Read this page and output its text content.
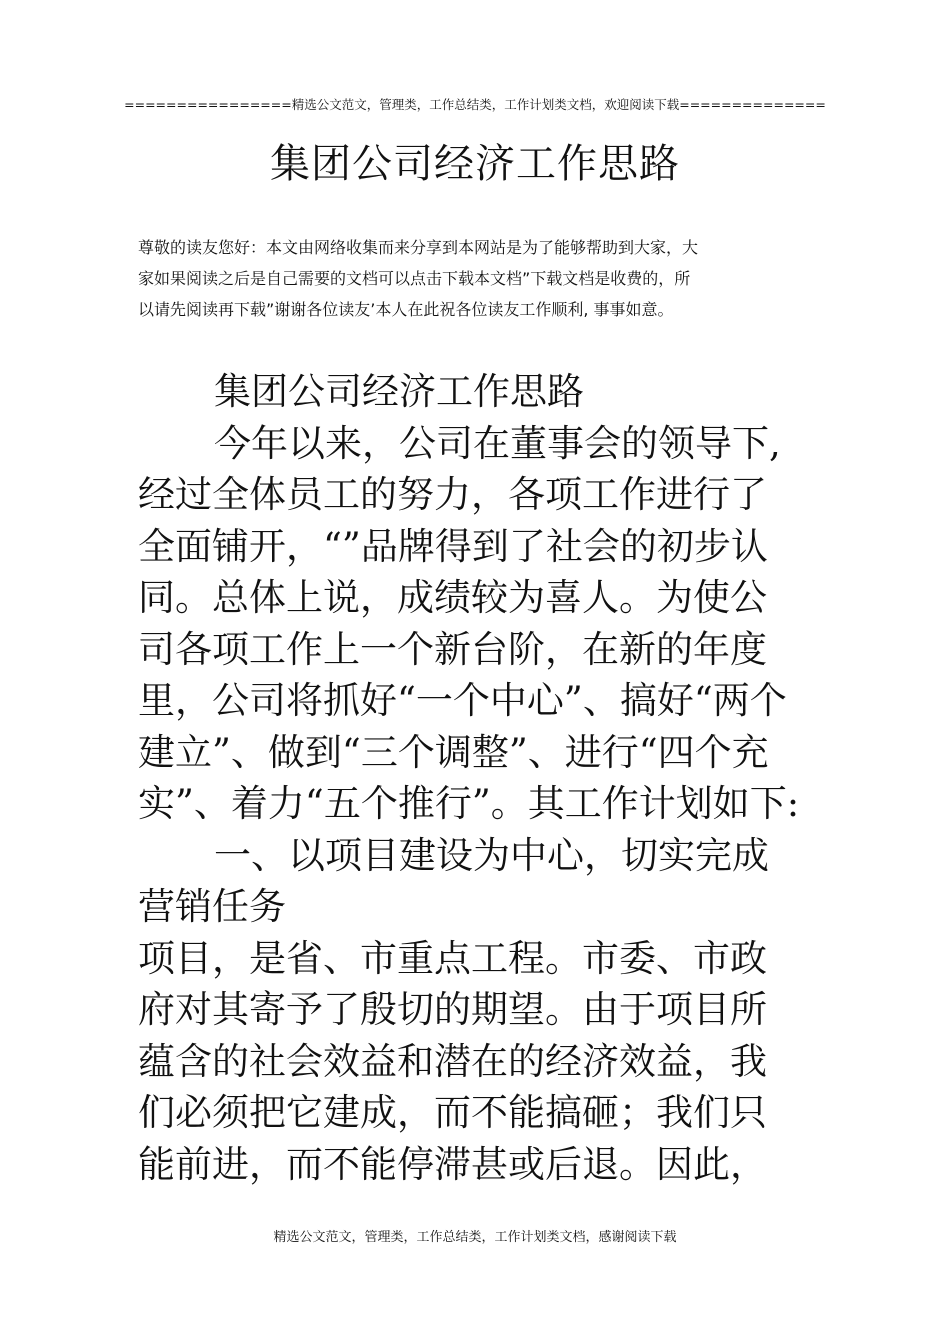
================精选公文范文，管理类，工作总结类，工作计划类文档，欢迎阅读下载==============
集团公司经济工作思路
尊敬的读友您好：本文由网络收集而来分享到本网站是为了能够帮助到大家，大
家如果阅读之后是自己需要的文档可以点击下载本文档”下载文档是收费的，所
以请先阅读再下载”谢谢各位读友’本人在此祝各位读友工作顺利, 事事如意。
集团公司经济工作思路
今年以来，公司在董事会的领导下,
经过全体员工的努力，各项工作进行了
全面铺开，“”品牌得到了社会的初步认
同。总体上说，成绩较为喜人。为使公
司各项工作上一个新台阶，在新的年度
里，公司将抓好“一个中心”、搞好“两个
建立”、做到“三个调整”、进行“四个充
实”、着力“五个推行”。其工作计划如下:
一、以项目建设为中心，切实完成
营销任务
项目，是省、市重点工程。市委、市政
府对其寄予了殷切的期望。由于项目所
蕴含的社会效益和潜在的经济效益，我
们必须把它建成，而不能搞砸；我们只
能前进，而不能停滞甚或后退。因此，
精选公文范文，管理类，工作总结类，工作计划类文档，感谢阅读下载
